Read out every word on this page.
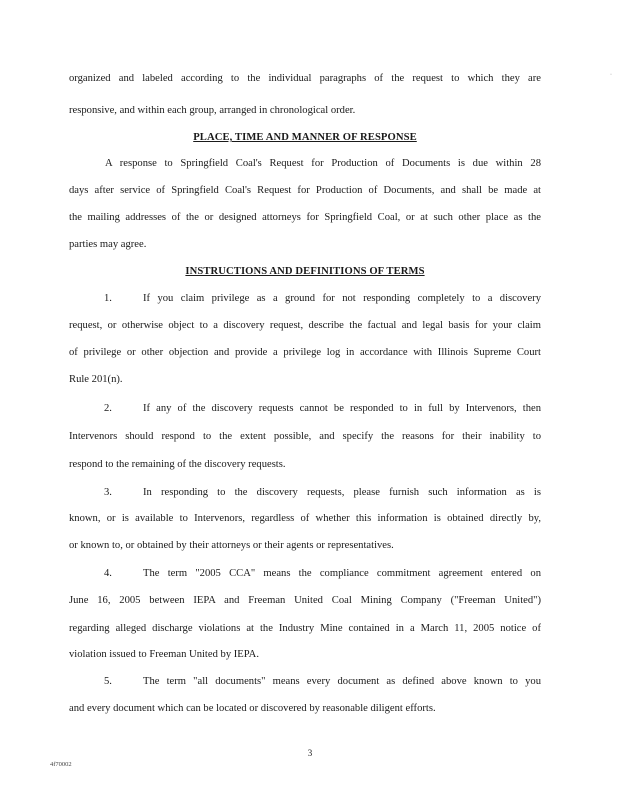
organized and labeled according to the individual paragraphs of the request to which they are
responsive, and within each group, arranged in chronological order.
PLACE, TIME AND MANNER OF RESPONSE
A response to Springfield Coal's Request for Production of Documents is due within 28
days after service of Springfield Coal's Request for Production of Documents, and shall be made at
the mailing addresses of the or designed attorneys for Springfield Coal, or at such other place as the
parties may agree.
INSTRUCTIONS AND DEFINITIONS OF TERMS
1.	If you claim privilege as a ground for not responding completely to a discovery
request, or otherwise object to a discovery request, describe the factual and legal basis for your claim
of privilege or other objection and provide a privilege log in accordance with Illinois Supreme Court
Rule 201(n).
2.	If any of the discovery requests cannot be responded to in full by Intervenors, then
Intervenors should respond to the extent possible, and specify the reasons for their inability to
respond to the remaining of the discovery requests.
3.	In responding to the discovery requests, please furnish such information as is
known, or is available to Intervenors, regardless of whether this information is obtained directly by,
or known to, or obtained by their attorneys or their agents or representatives.
4.	The term "2005 CCA" means the compliance commitment agreement entered on
June 16, 2005 between IEPA and Freeman United Coal Mining Company ("Freeman United")
regarding alleged discharge violations at the Industry Mine contained in a March 11, 2005 notice of
violation issued to Freeman United by IEPA.
5.	The term "all documents" means every document as defined above known to you
and every document which can be located or discovered by reasonable diligent efforts.
3
4f70002
·
